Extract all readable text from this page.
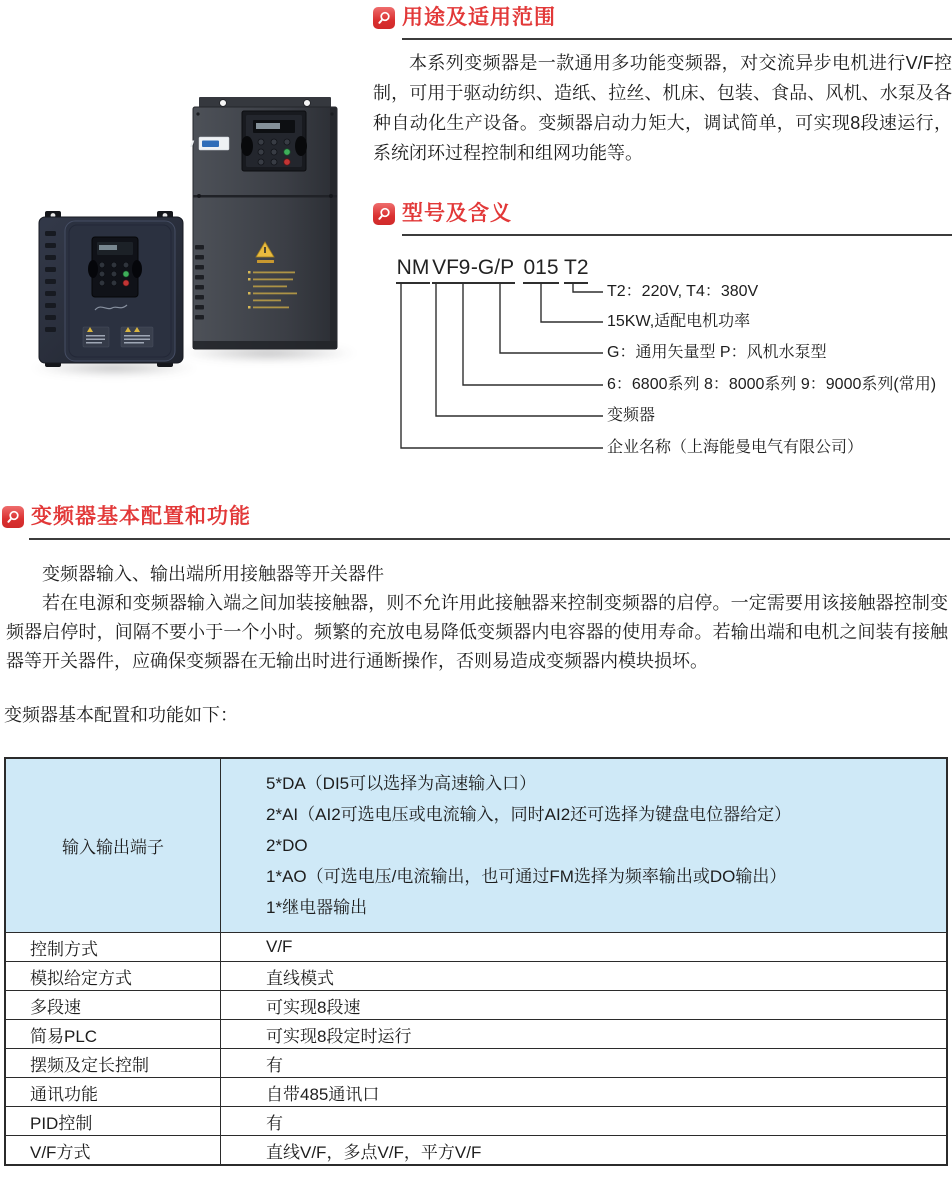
用途及适用范围

本系列变频器是一款通用多功能变频器，对交流异步电机进行V/F控制，可用于驱动纺织、造纸、拉丝、机床、包装、食品、风机、水泵及各种自动化生产设备。变频器启动力矩大，调试简单，可实现8段速运行，系统闭环过程控制和组网功能等。

型号及含义
NM VF 9 -G/P 015 T2
T2：220V, T4：380V
15KW,适配电机功率
G：通用矢量型 P：风机水泵型
6：6800系列 8：8000系列 9：9000系列(常用)
变频器
企业名称（上海能曼电气有限公司）
变频器基本配置和功能

变频器输入、输出端所用接触器等开关器件

若在电源和变频器输入端之间加装接触器，则不允许用此接触器来控制变频器的启停。一定需要用该接触器控制变频器启停时，间隔不要小于一个小时。频繁的充放电易降低变频器内电容器的使用寿命。若输出端和电机之间装有接触器等开关器件，应确保变频器在无输出时进行通断操作，否则易造成变频器内模块损坏。

变频器基本配置和功能如下：

输入输出端子	5*DA（DI5可以选择为高速输入口）
2*AI（AI2可选电压或电流输入，同时AI2还可选择为键盘电位器给定）
2*DO
1*AO（可选电压/电流输出，也可通过FM选择为频率输出或DO输出）
1*继电器输出

控制方式	V/F
模拟给定方式	直线模式
多段速	可实现8段速
简易PLC	可实现8段定时运行
摆频及定长控制	有
通讯功能	自带485通讯口
PID控制	有
V/F方式	直线V/F，多点V/F，平方V/F
